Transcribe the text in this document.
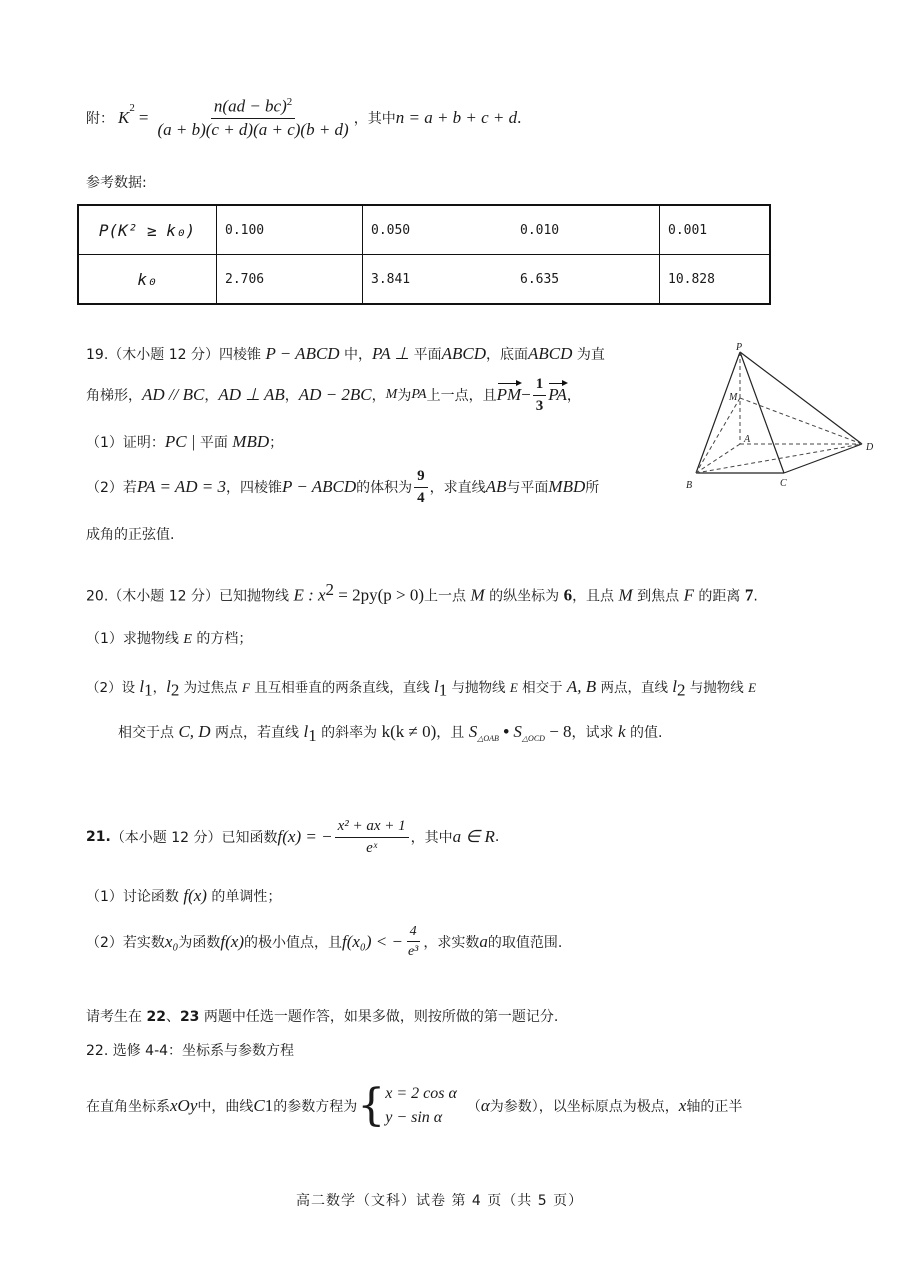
附： K
$^2$
= $\frac{n(ad - bc)^2}{(a + b)(c + d)(a + c)(b + d)}$ ，其中 n = a + b + c + d .
参考数据:
P(K² ≥ k₀)	0.100	0.050	0.010	0.001
k₀	2.706	3.841	6.635	10.828
19.（木小题 12 分）四棱锥 P − ABCD 中，PA ⊥ 平面ABCD，底面ABCD 为直
角梯形， AD // BC ， AD ⊥ AB ， AD − 2BC ， M 为 PA 上一点，且 PM − $\frac{1}{3}$ PA ，
（1）证明：PC | 平面 MBD；
（2）若 PA = AD = 3 ，四棱锥 P − ABCD 的体积为 $\frac{9}{4}$ ，求直线 AB 与平面 MBD 所
成角的正弦值.
P
M
A
D
B	C
20.（木小题 12 分）已知抛物线 E : $x^2 = 2py(p > 0)$上一点 M 的纵坐标为 6，且点 M 到焦点 F 的距离 7.
（1）求抛物线 E 的方档；
（2）设 $l_1$，$l_2$ 为过焦点 F 且互相垂直的两条直线，直线 $l_1$ 与抛物线 E 相交于 A, B 两点，直线 $l_2$ 与抛物线 E
相交于点 C, D 两点，若直线 $l_1$ 的斜率为 k(k ≠ 0)，且 $S_{\triangle OAB}$ • $S_{\triangle OCD} - 8$，试求 k 的值.
21. （本小题 12 分）已知函数 f(x) = − $\frac{\text{x² + ax + 1}}{\text{eˣ}}$ ，其中 a ∈ R .
（1）讨论函数 f(x) 的单调性；
（2）若实数 x₀ 为函数 f(x) 的极小值点，且 f(x₀) < − $\frac{4}{\text{e³}}$ ，求实数 a 的取值范围.
请考生在 22、23 两题中任选一题作答，如果多做，则按所做的第一题记分.
22. 选修 4-4：坐标系与参数方程
在直角坐标系 xOy 中，曲线 C 1 的参数方程为 { x = 2 cos α
y − sin α
（ α 为参数），以坐标原点为极点， x 轴的正半
高二数学（文科）试卷 第 4 页（共 5 页）
